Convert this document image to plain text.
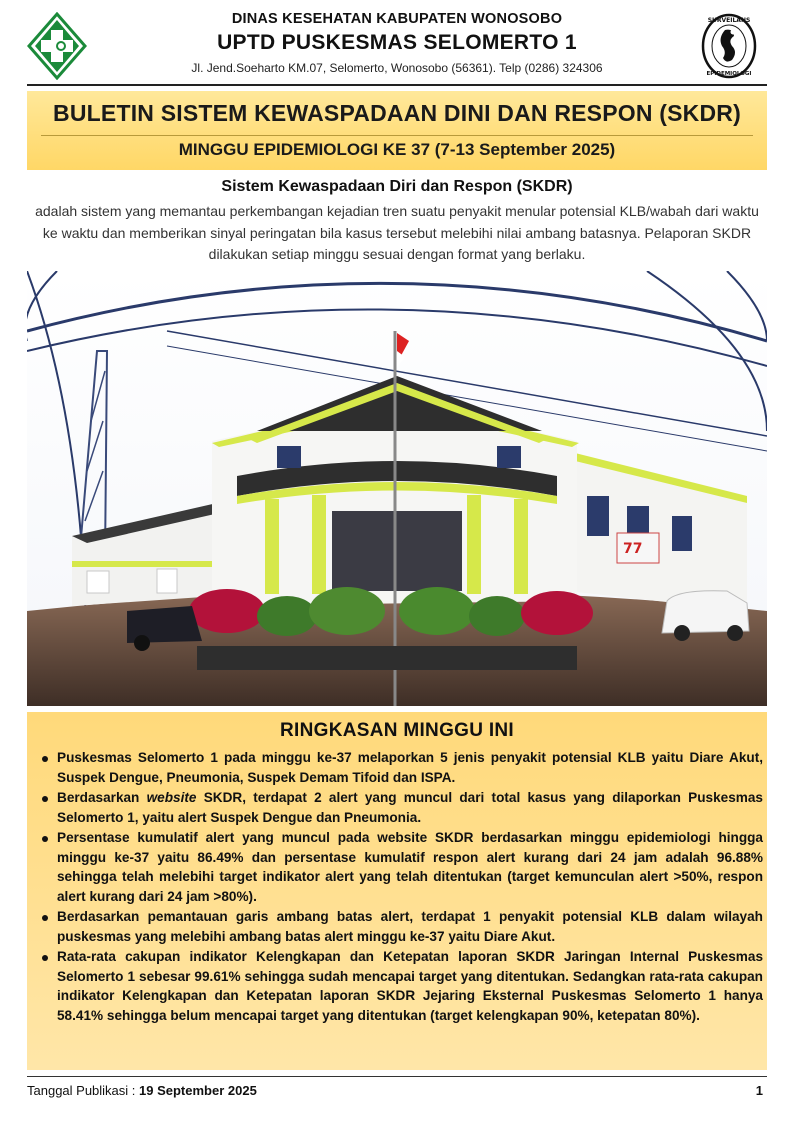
DINAS KESEHATAN KABUPATEN WONOSOBO
UPTD PUSKESMAS SELOMERTO 1
Jl. Jend.Soeharto KM.07, Selomerto, Wonosobo (56361). Telp (0286) 324306
SURVEILANS
EPIDEMIOLOGI
BULETIN SISTEM KEWASPADAAN DINI DAN RESPON (SKDR)
MINGGU EPIDEMIOLOGI KE 37 (7-13 September 2025)
Sistem Kewaspadaan Diri dan Respon (SKDR)
adalah sistem yang memantau perkembangan kejadian tren suatu penyakit menular potensial KLB/wabah dari waktu ke waktu dan memberikan sinyal peringatan bila kasus tersebut melebihi nilai ambang batasnya. Pelaporan SKDR dilakukan setiap minggu sesuai dengan format yang berlaku.
77
RINGKASAN MINGGU INI
Puskesmas Selomerto 1 pada minggu ke-37 melaporkan 5 jenis penyakit potensial KLB yaitu Diare Akut, Suspek Dengue, Pneumonia, Suspek Demam Tifoid dan ISPA.
Berdasarkan website SKDR, terdapat 2 alert yang muncul dari total kasus yang dilaporkan Puskesmas Selomerto 1, yaitu alert Suspek Dengue dan Pneumonia.
Persentase kumulatif alert yang muncul pada website SKDR berdasarkan minggu epidemiologi hingga minggu ke-37 yaitu 86.49% dan persentase kumulatif respon alert kurang dari 24 jam adalah 96.88% sehingga telah melebihi target indikator alert yang telah ditentukan (target kemunculan alert >50%, respon alert kurang dari 24 jam >80%).
Berdasarkan pemantauan garis ambang batas alert, terdapat 1 penyakit potensial KLB dalam wilayah puskesmas yang melebihi ambang batas alert minggu ke-37 yaitu Diare Akut.
Rata-rata cakupan indikator Kelengkapan dan Ketepatan laporan SKDR Jaringan Internal Puskesmas Selomerto 1 sebesar 99.61% sehingga sudah mencapai target yang ditentukan. Sedangkan rata-rata cakupan indikator Kelengkapan dan Ketepatan laporan SKDR Jejaring Eksternal Puskesmas Selomerto 1 hanya 58.41% sehingga belum mencapai target yang ditentukan (target kelengkapan 90%, ketepatan 80%).
Tanggal Publikasi : 19 September 2025	1
